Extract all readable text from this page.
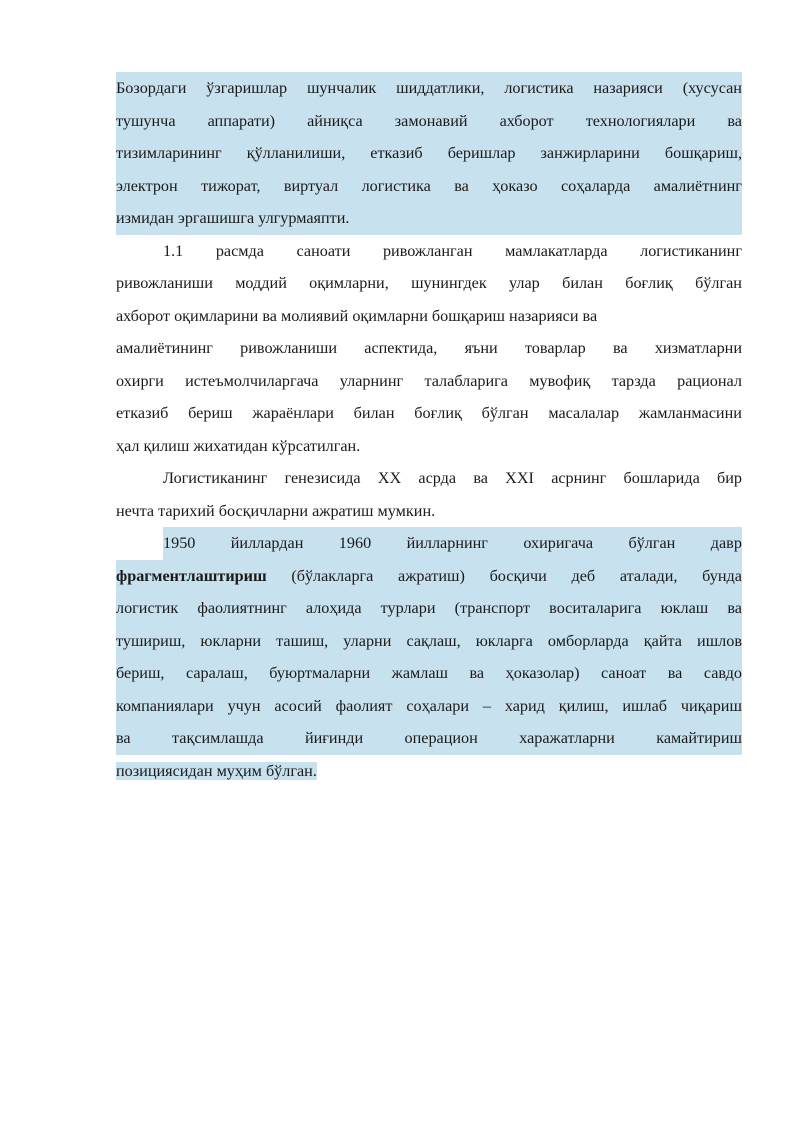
Бозордаги ўзгаришлар шунчалик шиддатлики, логистика назарияси (хусусан
тушунча аппарати) айниқса замонавий ахборот технологиялари ва
тизимларининг қўлланилиши, етказиб беришлар занжирларини бошқариш,
электрон тижорат, виртуал логистика ва ҳоказо соҳаларда амалиётнинг
измидан эргашишга улгурмаяпти.
1.1 расмда саноати ривожланган мамлакатларда логистиканинг
ривожланиши моддий оқимларни, шунингдек улар билан боғлиқ бўлган
ахборот оқимларини ва молиявий оқимларни бошқариш назарияси ва
амалиётининг ривожланиши аспектида, яъни товарлар ва хизматларни
охирги истеъмолчиларгача уларнинг талабларига мувофиқ тарзда рационал
етказиб бериш жараёнлари билан боғлиқ бўлган масалалар жамланмасини
ҳал қилиш жихатидан кўрсатилган.
Логистиканинг генезисида ХХ асрда ва ХХI асрнинг бошларида бир
нечта тарихий босқичларни ажратиш мумкин.
1950 йиллардан 1960 йилларнинг охиригача бўлган давр
фрагментлаштириш (бўлакларга ажратиш) босқичи деб аталади, бунда
логистик фаолиятнинг алоҳида турлари (транспорт воситаларига юклаш ва
тушириш, юкларни ташиш, уларни сақлаш, юкларга омборларда қайта ишлов
бериш, саралаш, буюртмаларни жамлаш ва ҳоказолар) саноат ва савдо
компаниялари учун асосий фаолият соҳалари – харид қилиш, ишлаб чиқариш
ва	тақсимлашда	йиғинди	операцион	харажатларни	камайтириш
позициясидан муҳим бўлган.
